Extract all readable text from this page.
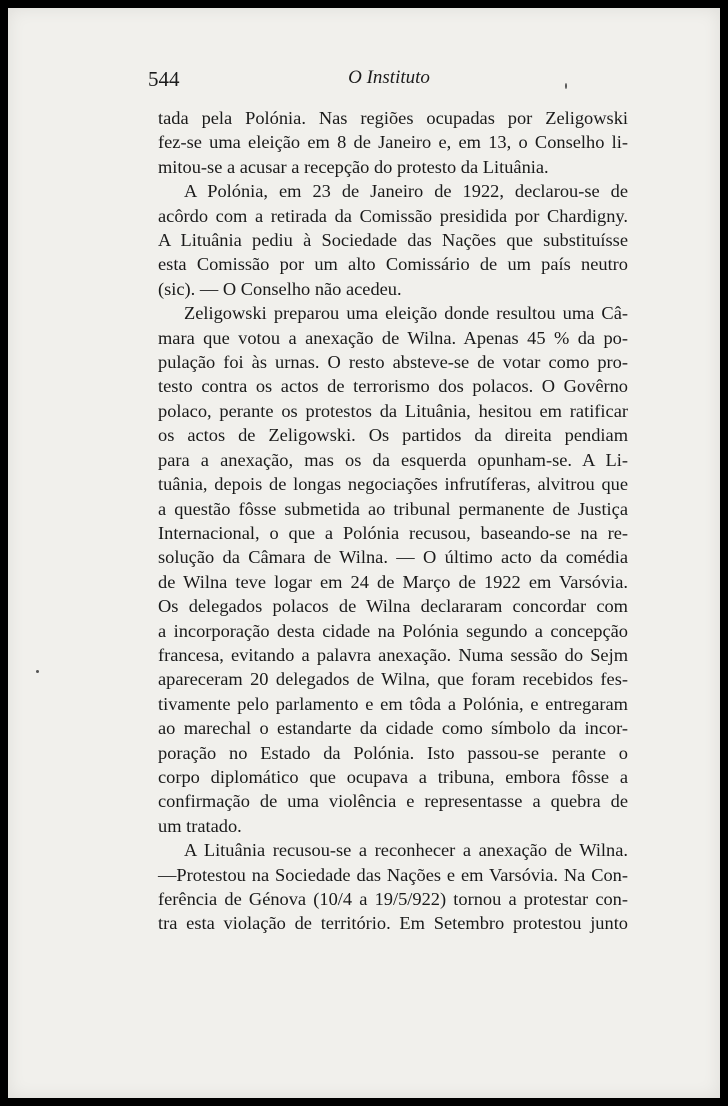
544	O Instituto

tada pela Polónia. Nas regiões ocupadas por Zeligowski
fez-se uma eleição em 8 de Janeiro e, em 13, o Conselho li-
mitou-se a acusar a recepção do protesto da Lituânia.

A Polónia, em 23 de Janeiro de 1922, declarou-se de
acôrdo com a retirada da Comissão presidida por Chardigny.
A Lituânia pediu à Sociedade das Nações que substituísse
esta Comissão por um alto Comissário de um país neutro
(sic). — O Conselho não acedeu.

Zeligowski preparou uma eleição donde resultou uma Câ-
mara que votou a anexação de Wilna. Apenas 45 % da po-
pulação foi às urnas. O resto absteve-se de votar como pro-
testo contra os actos de terrorismo dos polacos. O Govêrno
polaco, perante os protestos da Lituânia, hesitou em ratificar
os actos de Zeligowski. Os partidos da direita pendiam
para a anexação, mas os da esquerda opunham-se. A Li-
tuânia, depois de longas negociações infrutíferas, alvitrou que
a questão fôsse submetida ao tribunal permanente de Justiça
Internacional, o que a Polónia recusou, baseando-se na re-
solução da Câmara de Wilna. — O último acto da comédia
de Wilna teve logar em 24 de Março de 1922 em Varsóvia.
Os delegados polacos de Wilna declararam concordar com
a incorporação desta cidade na Polónia segundo a concepção
francesa, evitando a palavra anexação. Numa sessão do Sejm
apareceram 20 delegados de Wilna, que foram recebidos fes-
tivamente pelo parlamento e em tôda a Polónia, e entregaram
ao marechal o estandarte da cidade como símbolo da incor-
poração no Estado da Polónia. Isto passou-se perante o
corpo diplomático que ocupava a tribuna, embora fôsse a
confirmação de uma violência e representasse a quebra de
um tratado.

A Lituânia recusou-se a reconhecer a anexação de Wilna.
—Protestou na Sociedade das Nações e em Varsóvia. Na Con-
ferência de Génova (10/4 a 19/5/922) tornou a protestar con-
tra esta violação de território. Em Setembro protestou junto
